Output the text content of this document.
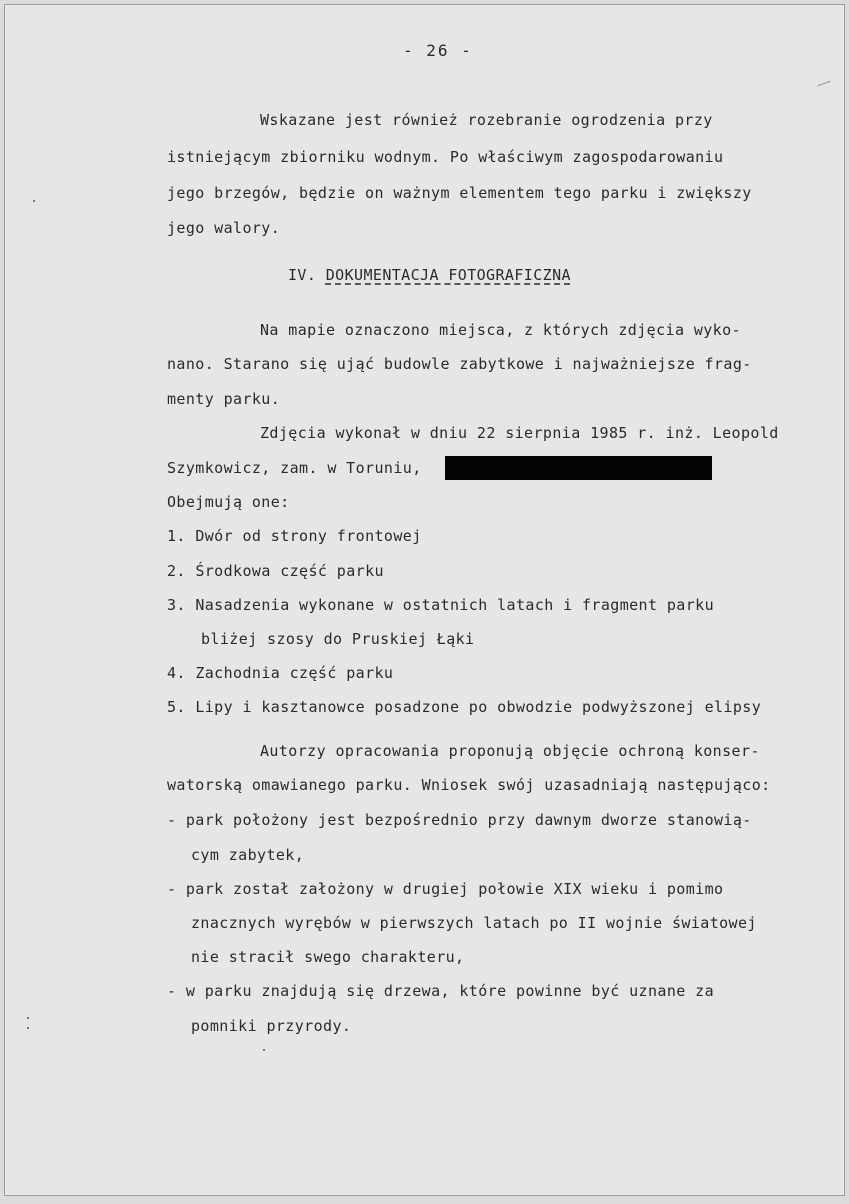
- 26 -
Wskazane jest również rozebranie ogrodzenia przy
istniejącym zbiorniku wodnym. Po właściwym zagospodarowaniu
jego brzegów, będzie on ważnym elementem tego parku i zwiększy
jego walory.
IV. DOKUMENTACJA FOTOGRAFICZNA
Na mapie oznaczono miejsca, z których zdjęcia wyko-
nano. Starano się ująć budowle zabytkowe i najważniejsze frag-
menty parku.
Zdjęcia wykonał w dniu 22 sierpnia 1985 r. inż. Leopold
Szymkowicz, zam. w Toruniu,
Obejmują one:
1. Dwór od strony frontowej
2. Środkowa część parku
3. Nasadzenia wykonane w ostatnich latach i fragment parku
bliżej szosy do Pruskiej Łąki
4. Zachodnia część parku
5. Lipy i kasztanowce posadzone po obwodzie podwyższonej elipsy
Autorzy opracowania proponują objęcie ochroną konser-
watorską omawianego parku. Wniosek swój uzasadniają następująco:
- park położony jest bezpośrednio przy dawnym dworze stanowią-
cym zabytek,
- park został założony w drugiej połowie XIX wieku i pomimo
znacznych wyrębów w pierwszych latach po II wojnie światowej
nie stracił swego charakteru,
- w parku znajdują się drzewa, które powinne być uznane za
pomniki przyrody.
